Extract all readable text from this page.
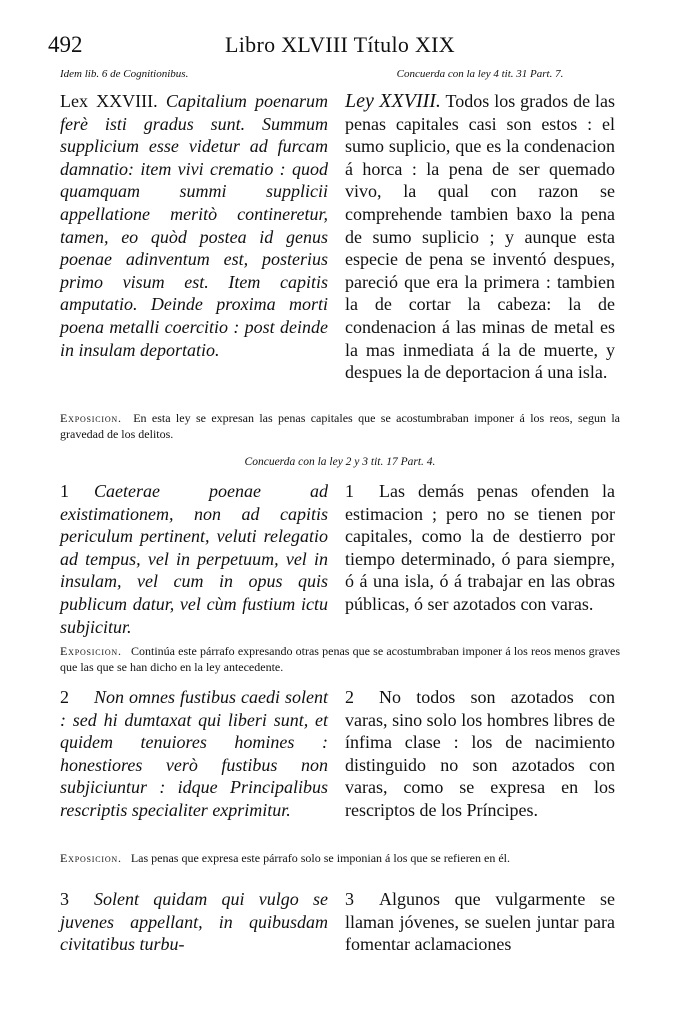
492	Libro XLVIII Título XIX
Idem lib. 6 de Cognitionibus.	Concuerda con la ley 4 tit. 31 Part. 7.
Lex XXVIII. Capitalium poenarum ferè isti gradus sunt. Summum supplicium esse videtur ad furcam damnatio: item vivi crematio : quod quamquam summi supplicii appellatione meritò contineretur, tamen, eo quòd postea id genus poenae adinventum est, posterius primo visum est. Item capitis amputatio. Deinde proxima morti poena metalli coercitio : post deinde in insulam deportatio.
Ley XXVIII. Todos los grados de las penas capitales casi son estos : el sumo suplicio, que es la condenacion á horca : la pena de ser quemado vivo, la qual con razon se comprehende tambien baxo la pena de sumo suplicio ; y aunque esta especie de pena se inventó despues, pareció que era la primera : tambien la de cortar la cabeza: la de condenacion á las minas de metal es la mas inmediata á la de muerte, y despues la de deportacion á una isla.
Exposicion. En esta ley se expresan las penas capitales que se acostumbraban imponer á los reos, segun la gravedad de los delitos.
Concuerda con la ley 2 y 3 tit. 17 Part. 4.
1 Caeterae poenae ad existimationem, non ad capitis periculum pertinent, veluti relegatio ad tempus, vel in perpetuum, vel in insulam, vel cum in opus quis publicum datur, vel cùm fustium ictu subjicitur.
1 Las demás penas ofenden la estimacion ; pero no se tienen por capitales, como la de destierro por tiempo determinado, ó para siempre, ó á una isla, ó á trabajar en las obras públicas, ó ser azotados con varas.
Exposicion. Continúa este párrafo expresando otras penas que se acostumbraban imponer á los reos menos graves que las que se han dicho en la ley antecedente.
2 Non omnes fustibus caedi solent : sed hi dumtaxat qui liberi sunt, et quidem tenuiores homines : honestiores verò fustibus non subjiciuntur : idque Principalibus rescriptis specialiter exprimitur.
2 No todos son azotados con varas, sino solo los hombres libres de ínfima clase : los de nacimiento distinguido no son azotados con varas, como se expresa en los rescriptos de los Príncipes.
Exposicion. Las penas que expresa este párrafo solo se imponian á los que se refieren en él.
3 Solent quidam qui vulgo se juvenes appellant, in quibusdam civitatibus turbu-
3 Algunos que vulgarmente se llaman jóvenes, se suelen juntar para fomentar aclamaciones
